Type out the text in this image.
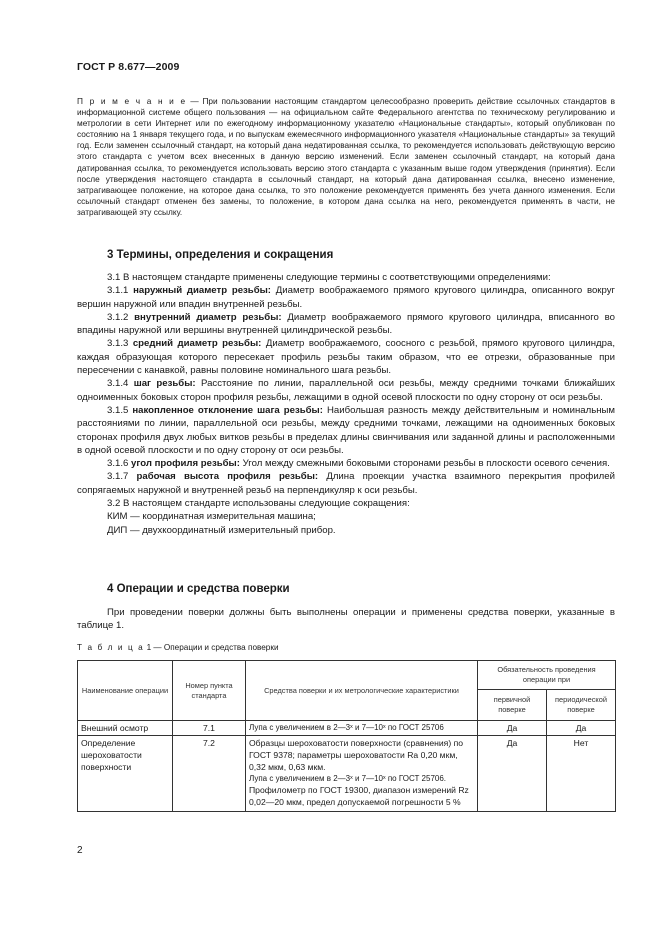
ГОСТ Р 8.677—2009

П р и м е ч а н и е — При пользовании настоящим стандартом целесообразно проверить действие ссылочных стандартов в информационной системе общего пользования — на официальном сайте Федерального агентства по техническому регулированию и метрологии в сети Интернет или по ежегодному информационному указателю «Национальные стандарты», который опубликован по состоянию на 1 января текущего года, и по выпускам ежемесячного информационного указателя «Национальные стандарты» за текущий год. Если заменен ссылочный стандарт, на который дана недатированная ссылка, то рекомендуется использовать действующую версию этого стандарта с учетом всех внесенных в данную версию изменений. Если заменен ссылочный стандарт, на который дана датированная ссылка, то рекомендуется использовать версию этого стандарта с указанным выше годом утверждения (принятия). Если после утверждения настоящего стандарта в ссылочный стандарт, на который дана датированная ссылка, внесено изменение, затрагивающее положение, на которое дана ссылка, то это положение рекомендуется применять без учета данного изменения. Если ссылочный стандарт отменен без замены, то положение, в котором дана ссылка на него, рекомендуется применять в части, не затрагивающей эту ссылку.

3 Термины, определения и сокращения

3.1 В настоящем стандарте применены следующие термины с соответствующими определениями:

3.1.1 наружный диаметр резьбы: Диаметр воображаемого прямого кругового цилиндра, описанного вокруг вершин наружной или впадин внутренней резьбы.

3.1.2 внутренний диаметр резьбы: Диаметр воображаемого прямого кругового цилиндра, вписанного во впадины наружной или вершины внутренней цилиндрической резьбы.

3.1.3 средний диаметр резьбы: Диаметр воображаемого, соосного с резьбой, прямого кругового цилиндра, каждая образующая которого пересекает профиль резьбы таким образом, что ее отрезки, образованные при пересечении с канавкой, равны половине номинального шага резьбы.

3.1.4 шаг резьбы: Расстояние по линии, параллельной оси резьбы, между средними точками ближайших одноименных боковых сторон профиля резьбы, лежащими в одной осевой плоскости по одну сторону от оси резьбы.

3.1.5 накопленное отклонение шага резьбы: Наибольшая разность между действительным и номинальным расстояниями по линии, параллельной оси резьбы, между средними точками, лежащими на одноименных боковых сторонах профиля двух любых витков резьбы в пределах длины свинчивания или заданной длины и расположенными в одной осевой плоскости и по одну сторону от оси резьбы.

3.1.6 угол профиля резьбы: Угол между смежными боковыми сторонами резьбы в плоскости осевого сечения.

3.1.7 рабочая высота профиля резьбы: Длина проекции участка взаимного перекрытия профилей сопрягаемых наружной и внутренней резьб на перпендикуляр к оси резьбы.

3.2 В настоящем стандарте использованы следующие сокращения:

КИМ — координатная измерительная машина;

ДИП — двухкоординатный измерительный прибор.

4 Операции и средства поверки

При проведении поверки должны быть выполнены операции и применены средства поверки, указанные в таблице 1.

Т а б л и ц а 1 — Операции и средства поверки
Наименование операции	Номер пункта стандарта	Средства поверки и их метрологические характеристики	Обязательность проведения операции при	
			первичной поверке	периодической поверке
Внешний осмотр	7.1	Лупа с увеличением в 2—3ˣ и 7—10ˣ по ГОСТ 25706	Да	Да
Определение шероховатости поверхности	7.2	Образцы шероховатости поверхности (сравнения) по ГОСТ 9378; параметры шероховатости Ra 0,20 мкм, 0,32 мкм, 0,63 мкм.
Лупа с увеличением в 2—3ˣ и 7—10ˣ по ГОСТ 25706.
Профилометр по ГОСТ 19300, диапазон измерений Rz 0,02—20 мкм, предел допускаемой погрешности 5 %	Да	Нет
2
